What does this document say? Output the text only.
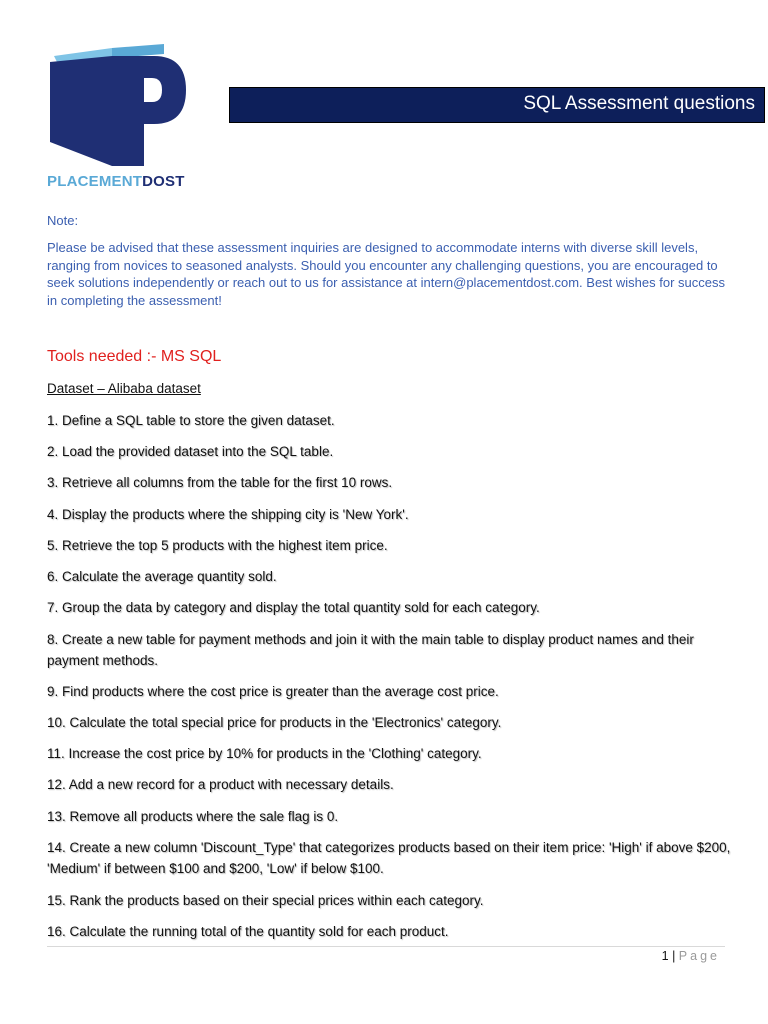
PLACEMENTDOST
SQL Assessment questions
Note:
Please be advised that these assessment inquiries are designed to accommodate interns with diverse skill levels, ranging from novices to seasoned analysts. Should you encounter any challenging questions, you are encouraged to seek solutions independently or reach out to us for assistance at intern@placementdost.com. Best wishes for success in completing the assessment!
Tools needed :- MS SQL
Dataset – Alibaba dataset
1. Define a SQL table to store the given dataset.
2. Load the provided dataset into the SQL table.
3. Retrieve all columns from the table for the first 10 rows.
4. Display the products where the shipping city is 'New York'.
5. Retrieve the top 5 products with the highest item price.
6. Calculate the average quantity sold.
7. Group the data by category and display the total quantity sold for each category.
8. Create a new table for payment methods and join it with the main table to display product names and their payment methods.
9. Find products where the cost price is greater than the average cost price.
10. Calculate the total special price for products in the 'Electronics' category.
11. Increase the cost price by 10% for products in the 'Clothing' category.
12. Add a new record for a product with necessary details.
13. Remove all products where the sale flag is 0.
14. Create a new column 'Discount_Type' that categorizes products based on their item price: 'High' if above $200, 'Medium' if between $100 and $200, 'Low' if below $100.
15. Rank the products based on their special prices within each category.
16. Calculate the running total of the quantity sold for each product.
1 | Page
